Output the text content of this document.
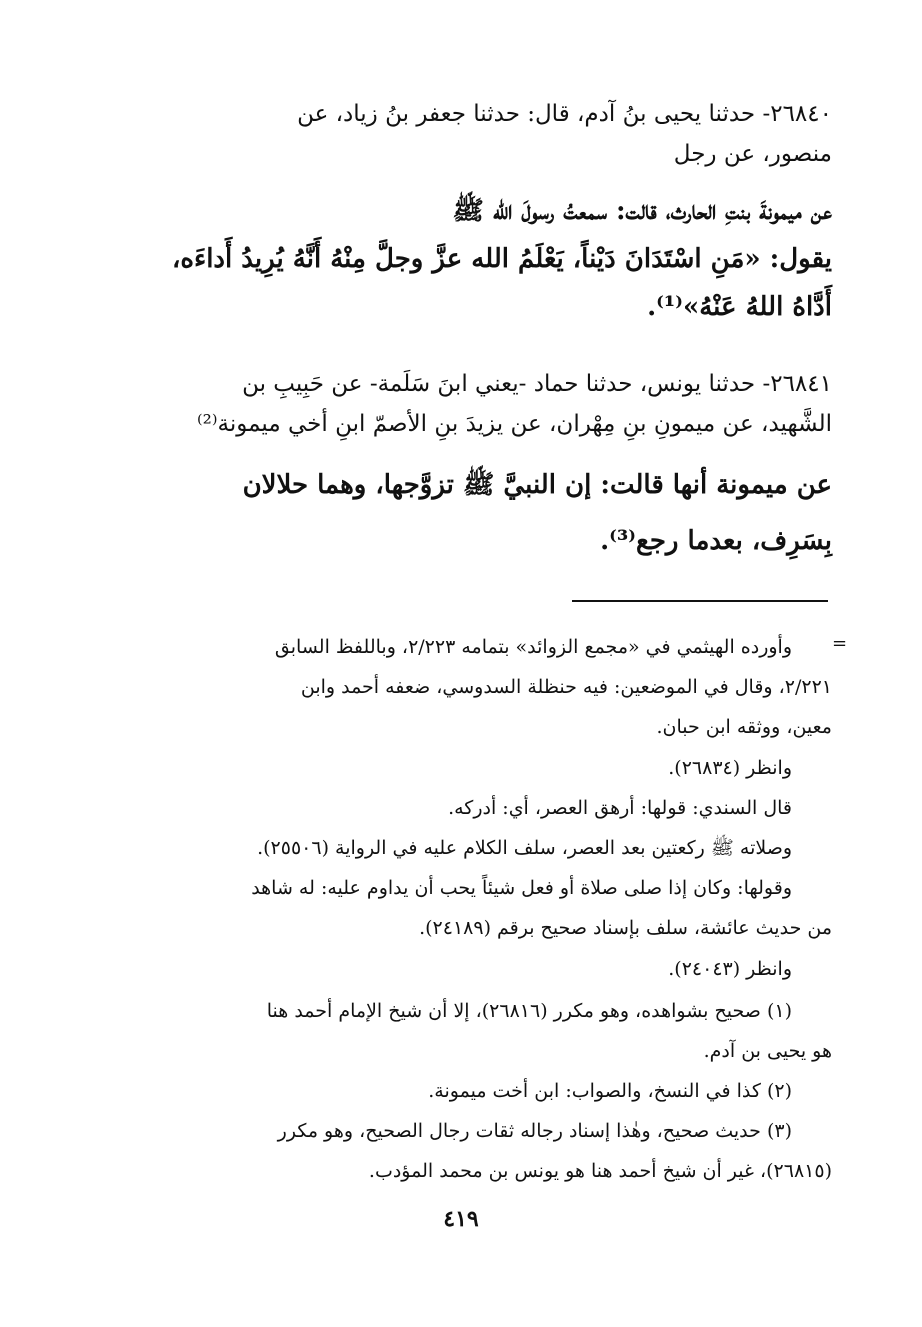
٢٦٨٤٠- حدثنا يحيى بنُ آدم، قال: حدثنا جعفر بنُ زياد، عن
منصور، عن رجل
عن ميمونةَ بنتِ الحارث، قالت: سمعتُ رسولَ الله ﷺ
يقول: «مَنِ اسْتَدَانَ دَيْناً، يَعْلَمُ الله عزَّ وجلَّ مِنْهُ أَنَّهُ يُرِيدُ أَداءَه،
أَدَّاهُ اللهُ عَنْهُ»⁽¹⁾.
٢٦٨٤١- حدثنا يونس، حدثنا حماد -يعني ابنَ سَلَمة- عن حَبِيبِ بن
الشَّهيد، عن ميمونِ بنِ مِهْران، عن يزيدَ بنِ الأصمّ ابنِ أخي ميمونة⁽²⁾
عن ميمونة أنها قالت: إن النبيَّ ﷺ تزوَّجها، وهما حلالان
بِسَرِف، بعدما رجع⁽³⁾.
=
وأورده الهيثمي في «مجمع الزوائد» بتمامه ٢/٢٢٣، وباللفظ السابق
٢/٢٢١، وقال في الموضعين: فيه حنظلة السدوسي، ضعفه أحمد وابن
معين، ووثقه ابن حبان.
وانظر (٢٦٨٣٤).
قال السندي: قولها: أرهق العصر، أي: أدركه.
وصلاته ﷺ ركعتين بعد العصر، سلف الكلام عليه في الرواية (٢٥٥٠٦).
وقولها: وكان إذا صلى صلاة أو فعل شيئاً يحب أن يداوم عليه: له شاهد
من حديث عائشة، سلف بإسناد صحيح برقم (٢٤١٨٩).
وانظر (٢٤٠٤٣).
(١) صحيح بشواهده، وهو مكرر (٢٦٨١٦)، إلا أن شيخ الإمام أحمد هنا
هو يحيى بن آدم.
(٢) كذا في النسخ، والصواب: ابن أخت ميمونة.
(٣) حديث صحيح، وهٰذا إسناد رجاله ثقات رجال الصحيح، وهو مكرر
(٢٦٨١٥)، غير أن شيخ أحمد هنا هو يونس بن محمد المؤدب.
٤١٩
